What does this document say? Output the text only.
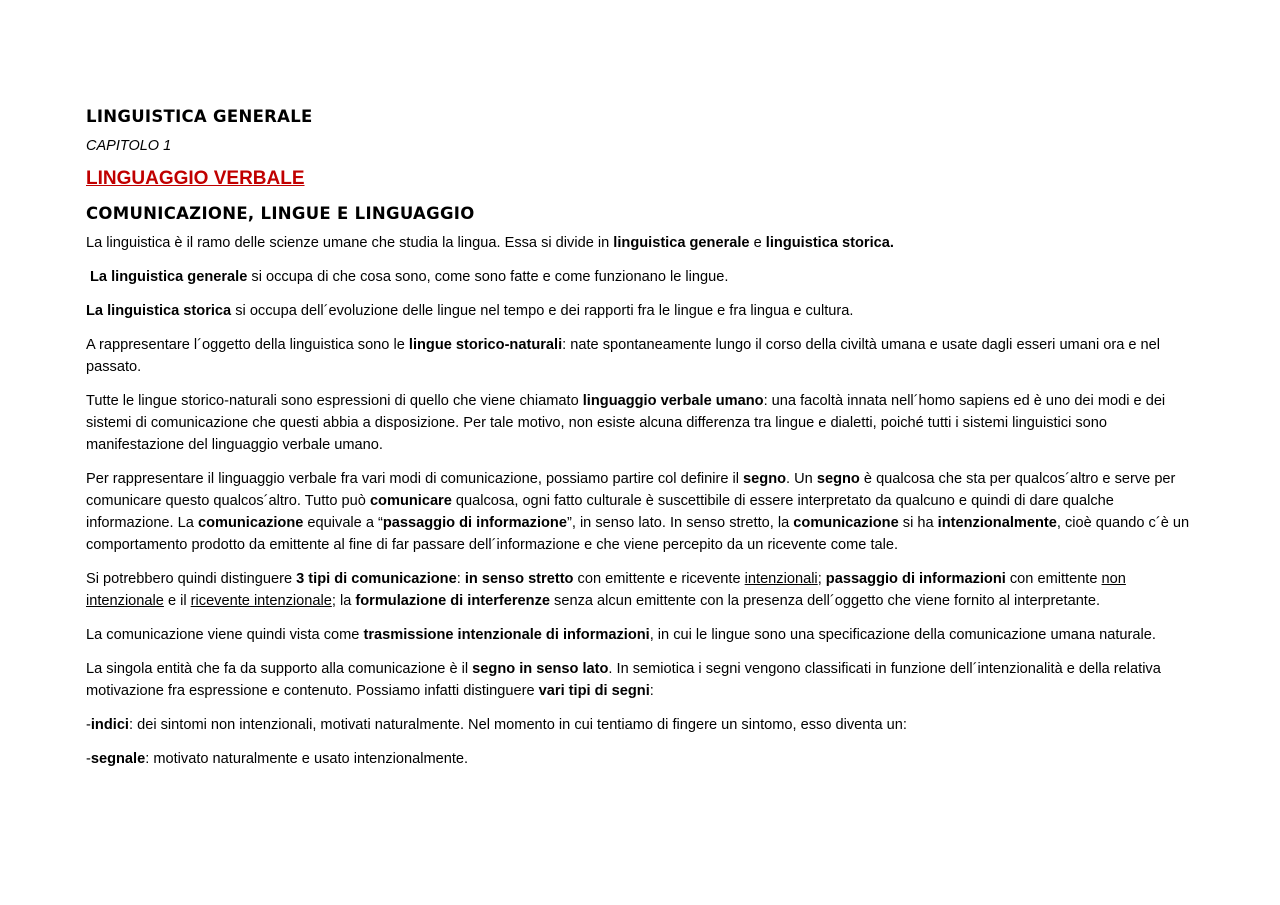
LINGUISTICA GENERALE

CAPITOLO 1

LINGUAGGIO VERBALE
COMUNICAZIONE, LINGUE E LINGUAGGIO

La linguistica è il ramo delle scienze umane che studia la lingua. Essa si divide in linguistica generale e linguistica storica.

La linguistica generale si occupa di che cosa sono, come sono fatte e come funzionano le lingue.

La linguistica storica si occupa dell´evoluzione delle lingue nel tempo e dei rapporti fra le lingue e fra lingua e cultura.

A rappresentare l´oggetto della linguistica sono le lingue storico-naturali: nate spontaneamente lungo il corso della civiltà umana e usate dagli esseri umani ora e nel passato.

Tutte le lingue storico-naturali sono espressioni di quello che viene chiamato linguaggio verbale umano: una facoltà innata nell´homo sapiens ed è uno dei modi e dei sistemi di comunicazione che questi abbia a disposizione. Per tale motivo, non esiste alcuna differenza tra lingue e dialetti, poiché tutti i sistemi linguistici sono manifestazione del linguaggio verbale umano.

Per rappresentare il linguaggio verbale fra vari modi di comunicazione, possiamo partire col definire il segno. Un segno è qualcosa che sta per qualcos´altro e serve per comunicare questo qualcos´altro. Tutto può comunicare qualcosa, ogni fatto culturale è suscettibile di essere interpretato da qualcuno e quindi di dare qualche informazione. La comunicazione equivale a “passaggio di informazione”, in senso lato. In senso stretto, la comunicazione si ha intenzionalmente, cioè quando c´è un comportamento prodotto da emittente al fine di far passare dell´informazione e che viene percepito da un ricevente come tale.

Si potrebbero quindi distinguere 3 tipi di comunicazione: in senso stretto con emittente e ricevente intenzionali; passaggio di informazioni con emittente non intenzionale e il ricevente intenzionale; la formulazione di interferenze senza alcun emittente con la presenza dell´oggetto che viene fornito al interpretante.

La comunicazione viene quindi vista come trasmissione intenzionale di informazioni, in cui le lingue sono una specificazione della comunicazione umana naturale.

La singola entità che fa da supporto alla comunicazione è il segno in senso lato. In semiotica i segni vengono classificati in funzione dell´intenzionalità e della relativa motivazione fra espressione e contenuto. Possiamo infatti distinguere vari tipi di segni:

-indici: dei sintomi non intenzionali, motivati naturalmente. Nel momento in cui tentiamo di fingere un sintomo, esso diventa un:

-segnale: motivato naturalmente e usato intenzionalmente.
